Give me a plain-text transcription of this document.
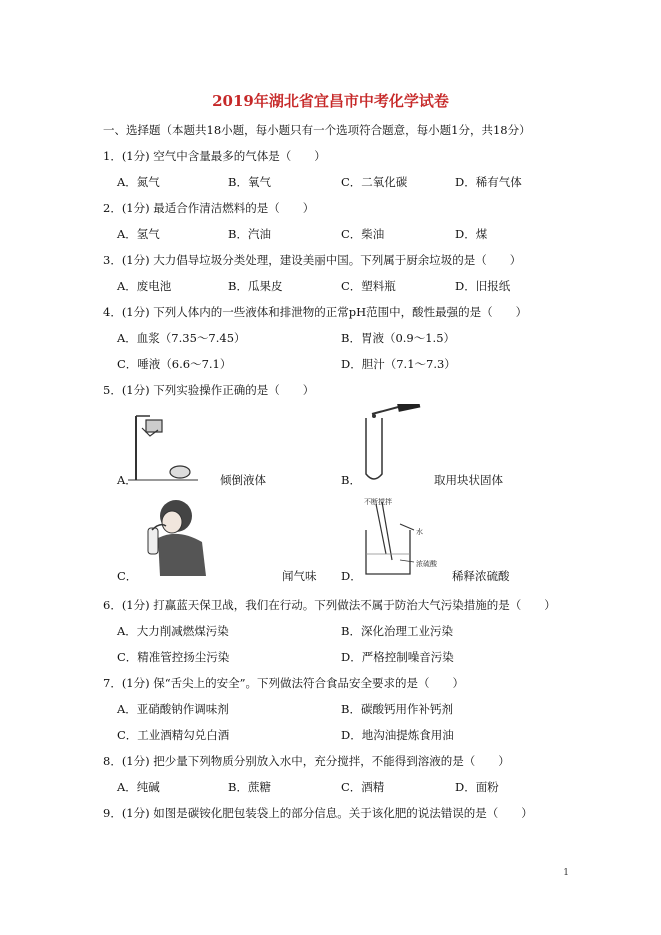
2019年湖北省宜昌市中考化学试卷
一、选择题（本题共18小题，每小题只有一个选项符合题意，每小题1分，共18分）
1．(1分) 空气中含量最多的气体是（　　）
A．氮气	B．氧气	C．二氧化碳	D．稀有气体
2．(1分) 最适合作清洁燃料的是（　　）
A．氢气	B．汽油	C．柴油	D．煤
3．(1分) 大力倡导垃圾分类处理，建设美丽中国。下列属于厨余垃圾的是（　　）
A．废电池	B．瓜果皮	C．塑料瓶	D．旧报纸
4．(1分) 下列人体内的一些液体和排泄物的正常pH范围中，酸性最强的是（　　）
A．血浆（7.35～7.45）	B．胃液（0.9～1.5）
C．唾液（6.6～7.1）	D．胆汁（7.1～7.3）
5．(1分) 下列实验操作正确的是（　　）
A．	倾倒液体	B．	取用块状固体
C．	闻气味
不断搅拌
水
浓硫酸
D．	稀释浓硫酸
6．(1分) 打赢蓝天保卫战，我们在行动。下列做法不属于防治大气污染措施的是（　　）
A．大力削减燃煤污染	B．深化治理工业污染
C．精准管控扬尘污染	D．严格控制噪音污染
7．(1分) 保“舌尖上的安全”。下列做法符合食品安全要求的是（　　）
A．亚硝酸钠作调味剂	B．碳酸钙用作补钙剂
C．工业酒精勾兑白酒	D．地沟油提炼食用油
8．(1分) 把少量下列物质分别放入水中，充分搅拌，不能得到溶液的是（　　）
A．纯碱	B．蔗糖	C．酒精	D．面粉
9．(1分) 如图是碳铵化肥包装袋上的部分信息。关于该化肥的说法错误的是（　　）
1
